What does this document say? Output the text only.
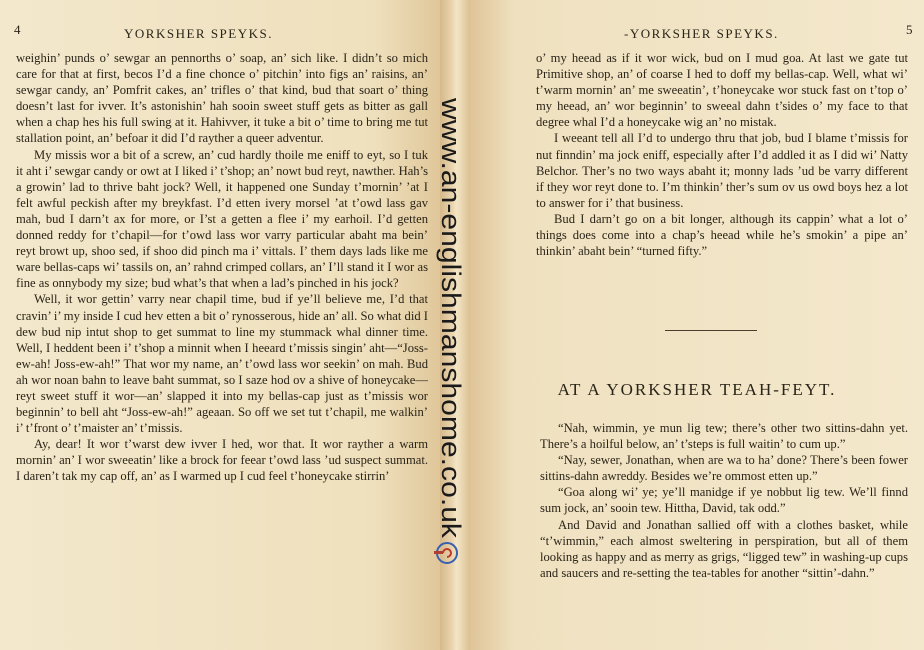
4	YORKSHER SPEYKS.

weighin’ punds o’ sewgar an pennorths o’ soap, an’ sich like. I didn’t so mich care for that at first, becos I’d a fine chonce o’ pitchin’ into figs an’ raisins, an’ sewgar candy, an’ Pomfrit cakes, an’ trifles o’ that kind, bud that soart o’ thing doesn’t last for ivver. It’s astonishin’ hah sooin sweet stuff gets as bitter as gall when a chap hes his full swing at it. Hahivver, it tuke a bit o’ time to bring me tut stallation point, an’ befoar it did I’d rayther a queer adventur.

My missis wor a bit of a screw, an’ cud hardly thoile me eniff to eyt, so I tuk it aht i’ sewgar candy or owt at I liked i’ t’shop; an’ nowt bud reyt, nawther. Hah’s a growin’ lad to thrive baht jock? Well, it happened one Sunday t’mornin’ ’at I felt awful peckish after my breykfast. I’d etten ivery morsel ’at t’owd lass gav mah, bud I darn’t ax for more, or I’st a getten a flee i’ my earhoil. I’d getten donned reddy for t’chapil—for t’owd lass wor varry particular abaht ma bein’ reyt browt up, shoo sed, if shoo did pinch ma i’ vittals. I’ them days lads like me ware bellas-caps wi’ tassils on, an’ rahnd crimped collars, an’ I’ll stand it I wor as fine as onnybody my size; bud what’s that when a lad’s pinched in his jock?

Well, it wor gettin’ varry near chapil time, bud if ye’ll believe me, I’d that cravin’ i’ my inside I cud hev etten a bit o’ rynosserous, hide an’ all. So what did I dew bud nip intut shop to get summat to line my stummack whal dinner time. Well, I heddent been i’ t’shop a minnit when I heeard t’missis singin’ aht—“Joss-ew-ah! Joss-ew-ah!” That wor my name, an’ t’owd lass wor seekin’ on mah. Bud ah wor noan bahn to leave baht summat, so I saze hod ov a shive of honeycake—reyt sweet stuff it wor—an’ slapped it into my bellas-cap just as t’missis wor beginnin’ to bell aht “Joss-ew-ah!” ageaan. So off we set tut t’chapil, me walkin’ i’ t’front o’ t’maister an’ t’missis.

Ay, dear! It wor t’warst dew ivver I hed, wor that. It wor rayther a warm mornin’ an’ I wor sweeatin’ like a brock for feear t’owd lass ’ud suspect summat. I daren’t tak my cap off, an’ as I warmed up I cud feel t’honeycake stirrin’

-YORKSHER SPEYKS.	5

o’ my heead as if it wor wick, bud on I mud goa. At last we gate tut Primitive shop, an’ of coarse I hed to doff my bellas-cap. Well, what wi’ t’warm mornin’ an’ me sweeatin’, t’honeycake wor stuck fast on t’top o’ my heead, an’ wor beginnin’ to sweeal dahn t’sides o’ my face to that degree whal I’d a honeycake wig an’ no mistak.

I weeant tell all I’d to undergo thru that job, bud I blame t’missis for nut finndin’ ma jock eniff, especially after I’d addled it as I did wi’ Natty Belchor. Ther’s no two ways abaht it; monny lads ’ud be varry different if they wor reyt done to. I’m thinkin’ ther’s sum ov us owd boys hez a lot to answer for i’ that business.

Bud I darn’t go on a bit longer, although its cappin’ what a lot o’ things does come into a chap’s heead while he’s smokin’ a pipe an’ thinkin’ abaht bein’ “turned fifty.”

AT A YORKSHER TEAH-FEYT.

“Nah, wimmin, ye mun lig tew; there’s other two sittins-dahn yet. There’s a hoilful below, an’ t’steps is full waitin’ to cum up.”

“Nay, sewer, Jonathan, when are wa to ha’ done? There’s been fower sittins-dahn awreddy. Besides we’re ommost etten up.”

“Goa along wi’ ye; ye’ll manidge if ye nobbut lig tew. We’ll finnd sum jock, an’ sooin tew. Hittha, David, tak odd.”

And David and Jonathan sallied off with a clothes basket, while “t’wimmin,” each almost sweltering in perspiration, but all of them looking as happy and as merry as grigs, “ligged tew” in washing-up cups and saucers and re-setting the tea-tables for another “sittin’-dahn.”

www.an-englishmanshome.co.uk
